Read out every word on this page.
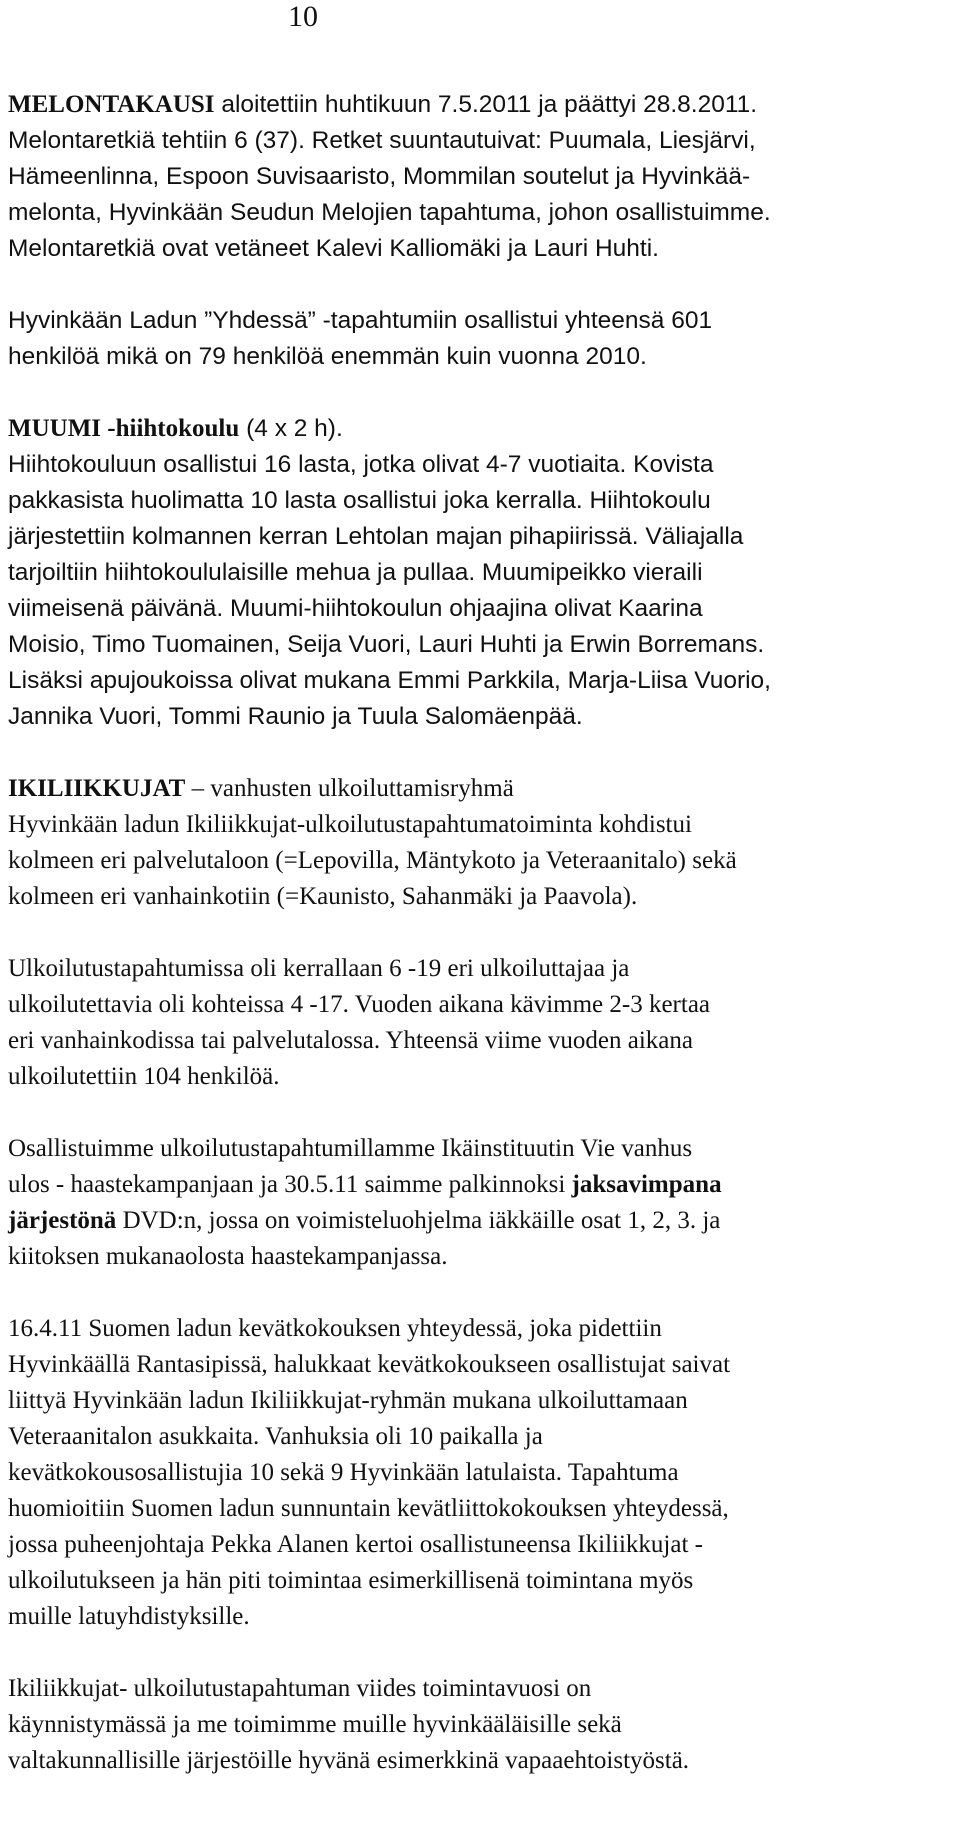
10

MELONTAKAUSI aloitettiin huhtikuun 7.5.2011 ja päättyi 28.8.2011.
Melontaretkiä tehtiin 6 (37). Retket suuntautuivat: Puumala, Liesjärvi,
Hämeenlinna, Espoon Suvisaaristo, Mommilan soutelut ja Hyvinkää-
melonta, Hyvinkään Seudun Melojien tapahtuma, johon osallistuimme.
Melontaretkiä ovat vetäneet Kalevi Kalliomäki ja Lauri Huhti.

Hyvinkään Ladun ”Yhdessä” -tapahtumiin osallistui yhteensä 601
henkilöä mikä on 79 henkilöä enemmän kuin vuonna 2010.

MUUMI -hiihtokoulu (4 x 2 h).
Hiihtokouluun osallistui 16 lasta, jotka olivat 4-7 vuotiaita. Kovista
pakkasista huolimatta 10 lasta osallistui joka kerralla. Hiihtokoulu
järjestettiin kolmannen kerran Lehtolan majan pihapiirissä. Väliajalla
tarjoiltiin hiihtokoululaisille mehua ja pullaa. Muumipeikko vieraili
viimeisenä päivänä. Muumi-hiihtokoulun ohjaajina olivat Kaarina
Moisio, Timo Tuomainen, Seija Vuori, Lauri Huhti ja Erwin Borremans.
Lisäksi apujoukoissa olivat mukana Emmi Parkkila, Marja-Liisa Vuorio,
Jannika Vuori, Tommi Raunio ja Tuula Salomäenpää.

IKILIIKKUJAT – vanhusten ulkoiluttamisryhmä
Hyvinkään ladun Ikiliikkujat-ulkoilutustapahtumatoiminta kohdistui
kolmeen eri palvelutaloon (=Lepovilla, Mäntykoto ja Veteraanitalo) sekä
kolmeen eri vanhainkotiin (=Kaunisto, Sahanmäki ja Paavola).

Ulkoilutustapahtumissa oli kerrallaan 6 -19 eri ulkoiluttajaa ja
ulkoilutettavia oli kohteissa 4 -17. Vuoden aikana kävimme 2-3 kertaa
eri vanhainkodissa tai palvelutalossa. Yhteensä viime vuoden aikana
ulkoilutettiin 104 henkilöä.

Osallistuimme ulkoilutustapahtumillamme Ikäinstituutin Vie vanhus
ulos - haastekampanjaan ja 30.5.11 saimme palkinnoksi jaksavimpana
järjestönä DVD:n, jossa on voimisteluohjelma iäkkäille osat 1, 2, 3. ja
kiitoksen mukanaolosta haastekampanjassa.

16.4.11 Suomen ladun kevätkokouksen yhteydessä, joka pidettiin
Hyvinkäällä Rantasipissä, halukkaat kevätkokoukseen osallistujat saivat
liittyä Hyvinkään ladun Ikiliikkujat-ryhmän mukana ulkoiluttamaan
Veteraanitalon asukkaita. Vanhuksia oli 10 paikalla ja
kevätkokousosallistujia 10 sekä 9 Hyvinkään latulaista. Tapahtuma
huomioitiin Suomen ladun sunnuntain kevätliittokokouksen yhteydessä,
jossa puheenjohtaja Pekka Alanen kertoi osallistuneensa Ikiliikkujat -
ulkoilutukseen ja hän piti toimintaa esimerkillisenä toimintana myös
muille latuyhdistyksille.

Ikiliikkujat- ulkoilutustapahtuman viides toimintavuosi on
käynnistymässä ja me toimimme muille hyvinkääläisille sekä
valtakunnallisille järjestöille hyvänä esimerkkinä vapaaehtoistyöstä.
